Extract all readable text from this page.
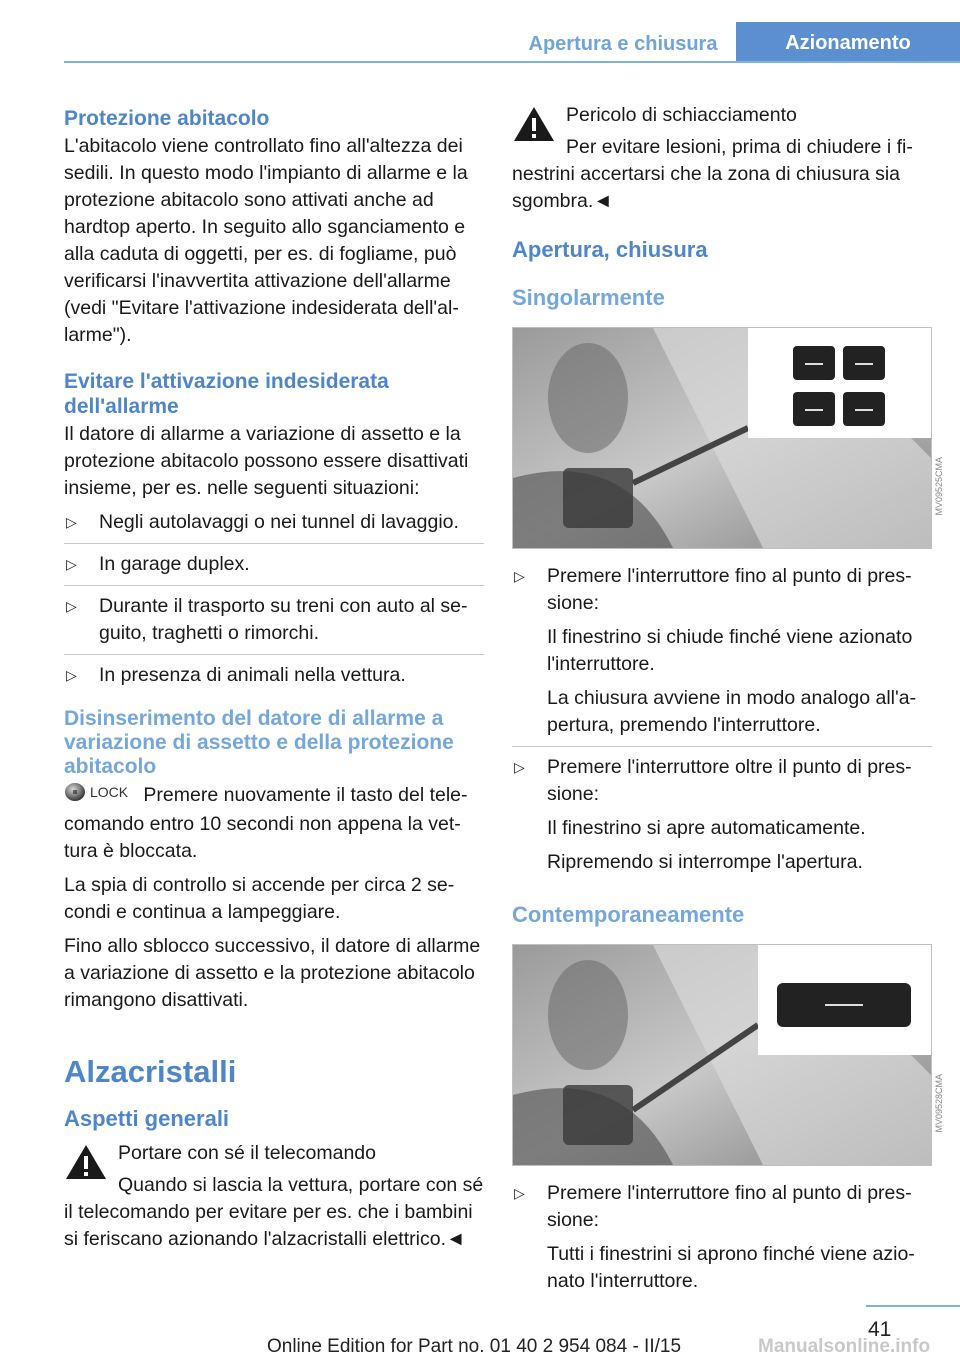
Apertura e chiusura	Azionamento
Protezione abitacolo

L'abitacolo viene controllato fino all'altezza dei sedili. In questo modo l'impianto di allarme e la protezione abitacolo sono attivati anche ad hardtop aperto. In seguito allo sganciamento e alla caduta di oggetti, per es. di fogliame, può verificarsi l'inavvertita attivazione dell'allarme (vedi "Evitare l'attivazione indesiderata dell'allarme").

Evitare l'attivazione indesiderata dell'allarme

Il datore di allarme a variazione di assetto e la protezione abitacolo possono essere disattivati insieme, per es. nelle seguenti situazioni:

▷ Negli autolavaggi o nei tunnel di lavaggio.
▷ In garage duplex.
▷ Durante il trasporto su treni con auto al seguito, traghetti o rimorchi.
▷ In presenza di animali nella vettura.
Disinserimento del datore di allarme a variazione di assetto e della protezione abitacolo

LOCK Premere nuovamente il tasto del telecomando entro 10 secondi non appena la vettura è bloccata.

La spia di controllo si accende per circa 2 secondi e continua a lampeggiare.

Fino allo sblocco successivo, il datore di allarme a variazione di assetto e la protezione abitacolo rimangono disattivati.

Alzacristalli
Aspetti generali

Portare con sé il telecomando

Quando si lascia la vettura, portare con sé il telecomando per evitare per es. che i bambini si feriscano azionando l'alzacristalli elettrico.◄

Pericolo di schiacciamento

Per evitare lesioni, prima di chiudere i finestrini accertarsi che la zona di chiusura sia sgombra.◄

Apertura, chiusura
Singolarmente
MV09525CMA
▷ Premere l'interruttore fino al punto di pressione:

Il finestrino si chiude finché viene azionato l'interruttore.

La chiusura avviene in modo analogo all'apertura, premendo l'interruttore.

▷ Premere l'interruttore oltre il punto di pressione:

Il finestrino si apre automaticamente.

Ripremendo si interrompe l'apertura.

Contemporaneamente
MV09528CMA
▷ Premere l'interruttore fino al punto di pressione:

Tutti i finestrini si aprono finché viene azionato l'interruttore.

41
Online Edition for Part no. 01 40 2 954 084 - II/15	Manualsonline.info
